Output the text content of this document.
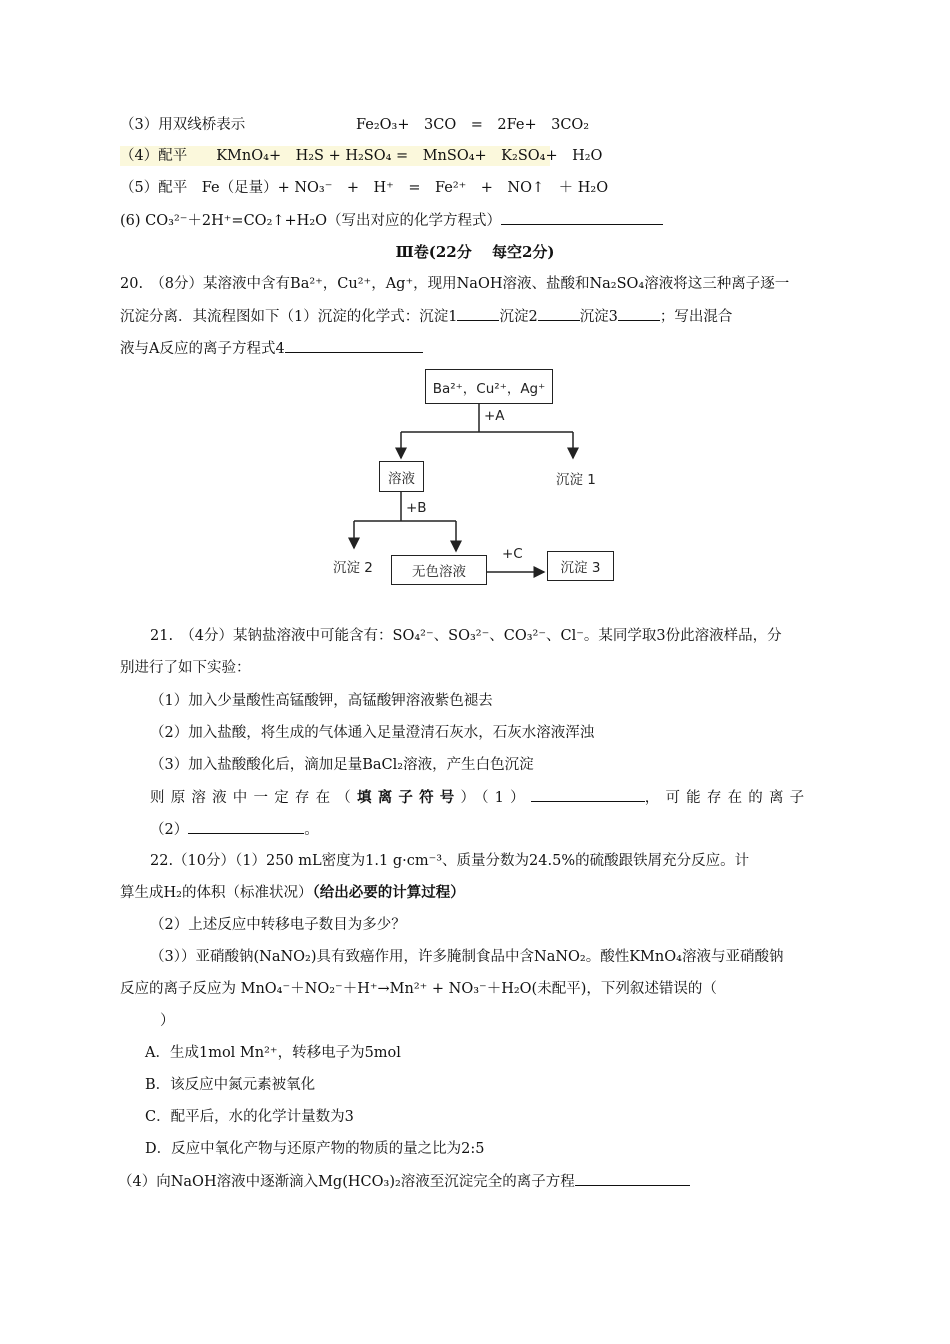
（3）用双线桥表示	Fe₂O₃+　3CO　=　2Fe+　3CO₂
（4）配平　　KMnO₄+　H₂S + H₂SO₄ =　MnSO₄+　K₂SO₄+　H₂O
（5）配平　Fe（足量）+ NO₃⁻　+　H⁺　=　Fe²⁺　+　NO↑　＋ H₂O
(6) CO₃²⁻＋2H⁺=CO₂↑+H₂O（写出对应的化学方程式）
Ⅲ卷(22分　 每空2分)
20.　（8分）某溶液中含有Ba²⁺，Cu²⁺，Ag⁺，现用NaOH溶液、盐酸和Na₂SO₄溶液将这三种离子逐一
沉淀分离．其流程图如下（1）沉淀的化学式：沉淀1	沉淀2	沉淀3	；写出混合
液与A反应的离子方程式4
Ba²⁺，Cu²⁺，Ag⁺
+A
溶液	沉淀 1
+B
沉淀 2	无色溶液
+C
沉淀 3
21.　（4分）某钠盐溶液中可能含有：SO₄²⁻、SO₃²⁻、CO₃²⁻、Cl⁻。某同学取3份此溶液样品，分
别进行了如下实验：
（1）加入少量酸性高锰酸钾，高锰酸钾溶液紫色褪去
（2）加入盐酸，将生成的气体通入足量澄清石灰水，石灰水溶液浑浊
（3）加入盐酸酸化后，滴加足量BaCl₂溶液，产生白色沉淀
则原溶液中一定存在（填离子符号）（1）	，可能存在的离子
（2）	。
22.（10分）（1）250 mL密度为1.1 g·cm⁻³、质量分数为24.5%的硫酸跟铁屑充分反应。计
算生成H₂的体积（标准状况）（给出必要的计算过程）
（2）上述反应中转移电子数目为多少？
（3））亚硝酸钠(NaNO₂)具有致癌作用，许多腌制食品中含NaNO₂。酸性KMnO₄溶液与亚硝酸钠
反应的离子反应为 MnO₄⁻＋NO₂⁻＋H⁺→Mn²⁺ + NO₃⁻＋H₂O(未配平)，下列叙述错误的（
）
A．生成1mol Mn²⁺，转移电子为5mol
B．该反应中氮元素被氧化
C．配平后，水的化学计量数为3
D．反应中氧化产物与还原产物的物质的量之比为2:5
（4）向NaOH溶液中逐渐滴入Mg(HCO₃)₂溶液至沉淀完全的离子方程
